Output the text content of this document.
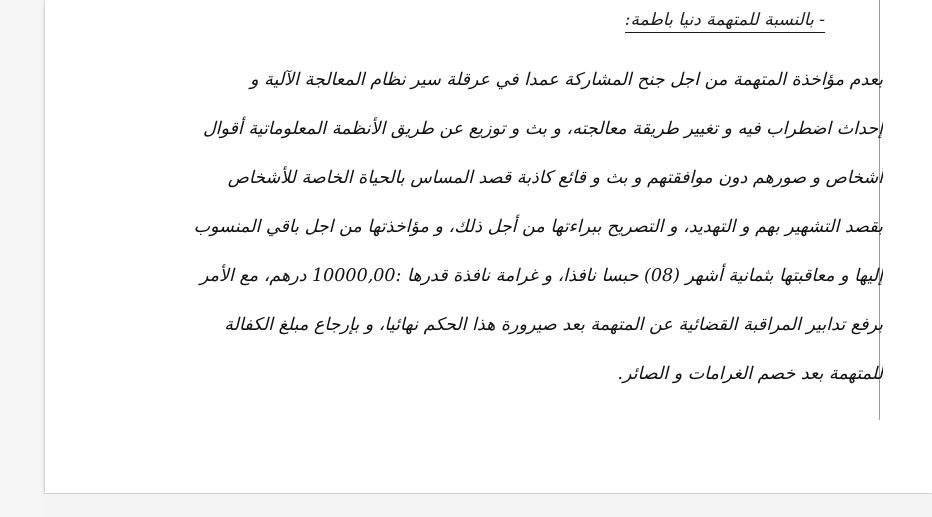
- بالنسبة للمتهمة دنيا باطمة:
بعدم مؤاخذة المتهمة من اجل جنح المشاركة عمدا في عرقلة سير نظام المعالجة الآلية و
إحداث اضطراب فيه و تغيير طريقة معالجته، و بث و توزيع عن طريق الأنظمة المعلوماتية أقوال
أشخاص و صورهم دون موافقتهم و بث و قائع كاذبة قصد المساس بالحياة الخاصة للأشخاص
بقصد التشهير بهم و التهديد، و التصريح ببراءتها من أجل ذلك، و مؤاخذتها من اجل باقي المنسوب
إليها و معاقبتها بثمانية أشهر (08) حبسا نافذا، و غرامة نافذة قدرها :10000,00 درهم، مع الأمر
برفع تدابير المراقبة القضائية عن المتهمة بعد صيرورة هذا الحكم نهائيا، و بإرجاع مبلغ الكفالة
للمتهمة بعد خصم الغرامات و الصائر.
